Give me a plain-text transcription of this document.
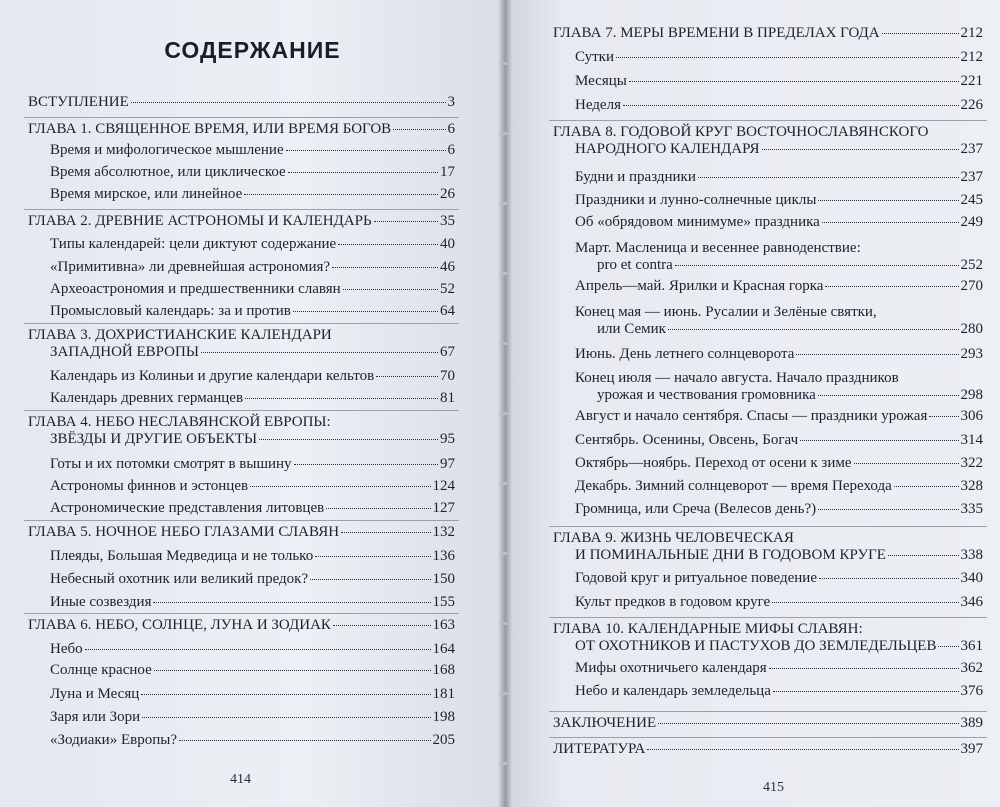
СОДЕРЖАНИЕ
ВСТУПЛЕНИЕ	3
ГЛАВА 1. СВЯЩЕННОЕ ВРЕМЯ, ИЛИ ВРЕМЯ БОГОВ	6
Время и мифологическое мышление	6
Время абсолютное, или циклическое	17
Время мирское, или линейное	26
ГЛАВА 2. ДРЕВНИЕ АСТРОНОМЫ И КАЛЕНДАРЬ	35
Типы календарей: цели диктуют содержание	40
«Примитивна» ли древнейшая астрономия?	46
Археоастрономия и предшественники славян	52
Промысловый календарь: за и против	64
ГЛАВА 3. ДОХРИСТИАНСКИЕ КАЛЕНДАРИ
ЗАПАДНОЙ ЕВРОПЫ	67
Календарь из Колиньи и другие календари кельтов	70
Календарь древних германцев	81
ГЛАВА 4. НЕБО НЕСЛАВЯНСКОЙ ЕВРОПЫ:
ЗВЁЗДЫ И ДРУГИЕ ОБЪЕКТЫ	95
Готы и их потомки смотрят в вышину	97
Астрономы финнов и эстонцев	124
Астрономические представления литовцев	127
ГЛАВА 5. НОЧНОЕ НЕБО ГЛАЗАМИ СЛАВЯН	132
Плеяды, Большая Медведица и не только	136
Небесный охотник или великий предок?	150
Иные созвездия	155
ГЛАВА 6. НЕБО, СОЛНЦЕ, ЛУНА И ЗОДИАК	163
Небо	164
Солнце красное	168
Луна и Месяц	181
Заря или Зори	198
«Зодиаки» Европы?	205
414
ГЛАВА 7. МЕРЫ ВРЕМЕНИ В ПРЕДЕЛАХ ГОДА	212
Сутки	212
Месяцы	221
Неделя	226
ГЛАВА 8. ГОДОВОЙ КРУГ ВОСТОЧНОСЛАВЯНСКОГО
НАРОДНОГО КАЛЕНДАРЯ	237
Будни и праздники	237
Праздники и лунно-солнечные циклы	245
Об «обрядовом минимуме» праздника	249
Март. Масленица и весеннее равноденствие:
pro et contra	252
Апрель—май. Ярилки и Красная горка	270
Конец мая — июнь. Русалии и Зелёные святки,
или Семик	280
Июнь. День летнего солнцеворота	293
Конец июля — начало августа. Начало праздников
урожая и чествования громовника	298
Август и начало сентября. Спасы — праздники урожая 306
Сентябрь. Осенины, Овсень, Богач	314
Октябрь—ноябрь. Переход от осени к зиме	322
Декабрь. Зимний солнцеворот — время Перехода	328
Громница, или Среча (Велесов день?)	335
ГЛАВА 9. ЖИЗНЬ ЧЕЛОВЕЧЕСКАЯ
И ПОМИНАЛЬНЫЕ ДНИ В ГОДОВОМ КРУГЕ	338
Годовой круг и ритуальное поведение	340
Культ предков в годовом круге	346
ГЛАВА 10. КАЛЕНДАРНЫЕ МИФЫ СЛАВЯН:
ОТ ОХОТНИКОВ И ПАСТУХОВ ДО ЗЕМЛЕДЕЛЬЦЕВ 361
Мифы охотничьего календаря	362
Небо и календарь земледельца	376
ЗАКЛЮЧЕНИЕ	389
ЛИТЕРАТУРА	397
415
